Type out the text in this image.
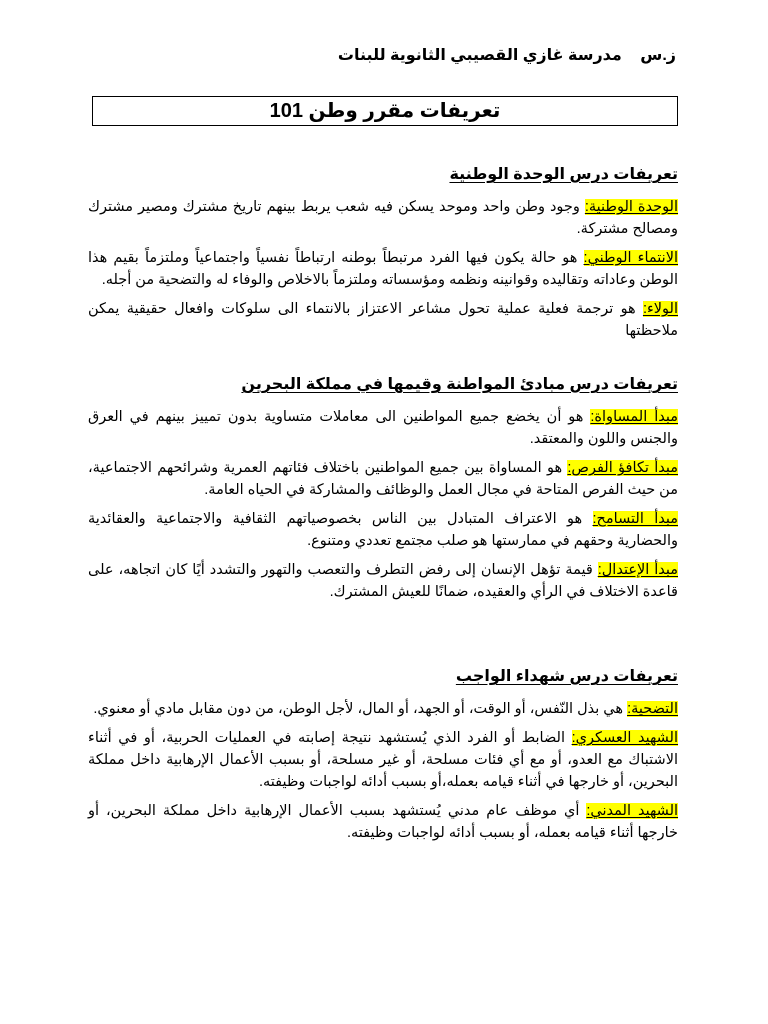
ز.س مدرسة غازي القصيبي الثانوية للبنات
تعريفات مقرر وطن 101
تعريفات درس الوحدة الوطنية

الوحدة الوطنية: وجود وطن واحد وموحد يسكن فيه شعب يربط بينهم تاريخ مشترك ومصير مشترك ومصالح مشتركة.

الانتماء الوطني: هو حالة يكون فيها الفرد مرتبطاً بوطنه ارتباطاً نفسياً واجتماعياً وملتزماً بقيم هذا الوطن وعاداته وتقاليده وقوانينه ونظمه ومؤسساته وملتزماً بالاخلاص والوفاء له والتضحية من أجله.

الولاء: هو ترجمة فعلية عملية تحول مشاعر الاعتزاز بالانتماء الى سلوكات وافعال حقيقية يمكن ملاحظتها

تعريفات درس مبادئ المواطنة وقيمها في مملكة البحرين

مبدأ المساواة: هو أن يخضع جميع المواطنين الى معاملات متساوية بدون تمييز بينهم في العرق والجنس واللون والمعتقد.

مبدأ تكافؤ الفرص: هو المساواة بين جميع المواطنين باختلاف فئاتهم العمرية وشرائحهم الاجتماعية، من حيث الفرص المتاحة في مجال العمل والوظائف والمشاركة في الحياه العامة.

مبدأ التسامح: هو الاعتراف المتبادل بين الناس بخصوصياتهم الثقافية والاجتماعية والعقائدية والحضارية وحقهم في ممارستها هو صلب مجتمع تعددي ومتنوع.

مبدأ الإعتدال: قيمة تؤهل الإنسان إلى رفض التطرف والتعصب والتهور والتشدد أيًا كان اتجاهه، على قاعدة الاختلاف في الرأي والعقيده، ضمانًا للعيش المشترك.

تعريفات درس شهداء الواجب

التضحية: هي بذل النّفس، أو الوقت، أو الجهد، أو المال، لأجل الوطن، من دون مقابل مادي أو معنوي.

الشهيد العسكري: الضابط أو الفرد الذي يُستشهد نتيجة إصابته في العمليات الحربية، أو في أثناء الاشتباك مع العدو، أو مع أي فئات مسلحة، أو غير مسلحة، أو بسبب الأعمال الإرهابية داخل مملكة البحرين، أو خارجها في أثناء قيامه بعمله،أو بسبب أدائه لواجبات وظيفته.

الشهيد المدني: أي موظف عام مدني يُستشهد بسبب الأعمال الإرهابية داخل مملكة البحرين، أو خارجها أثناء قيامه بعمله، أو بسبب أدائه لواجبات وظيفته.
